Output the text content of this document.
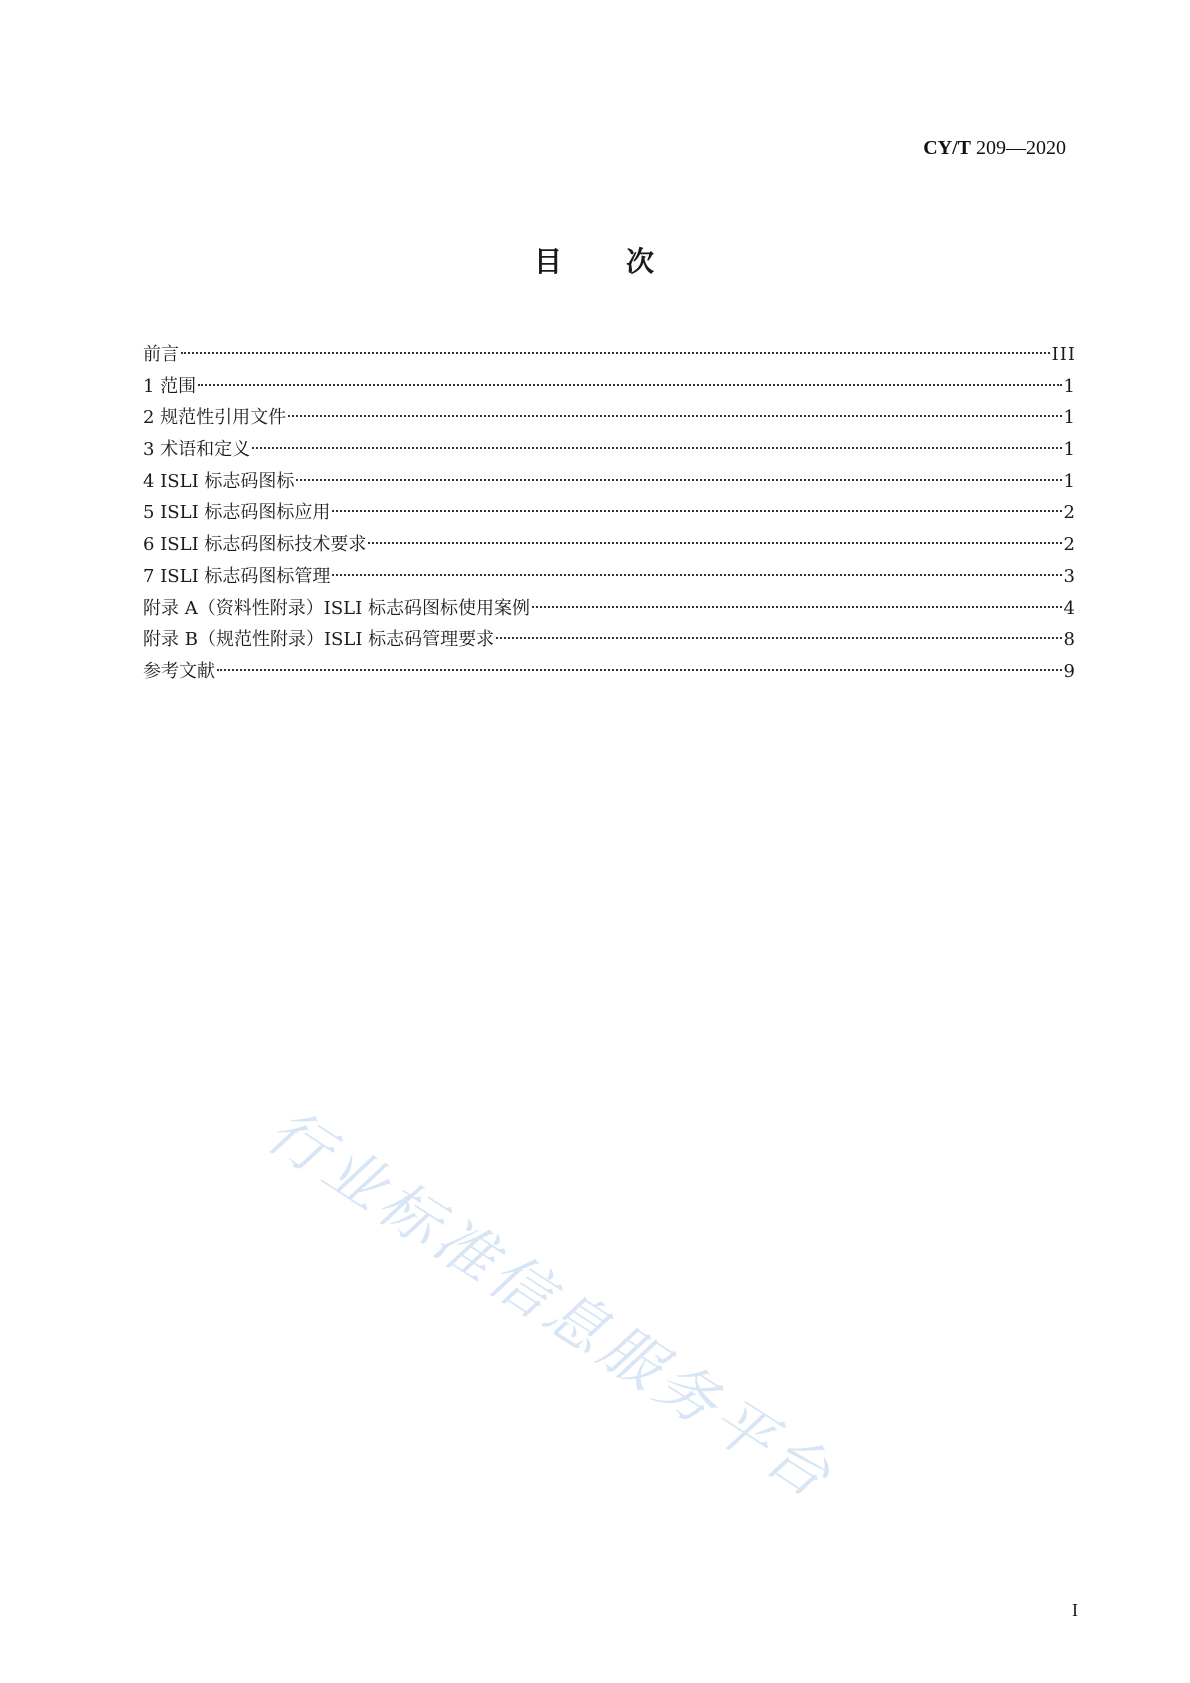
CY/T 209—2020
目 次
前言	III
1 范围	1
2 规范性引用文件	1
3 术语和定义	1
4 ISLI 标志码图标	1
5 ISLI 标志码图标应用	2
6 ISLI 标志码图标技术要求	2
7 ISLI 标志码图标管理	3
附录 A（资料性附录）ISLI 标志码图标使用案例	4
附录 B（规范性附录）ISLI 标志码管理要求	8
参考文献	9
行业标准信息服务平台
I
